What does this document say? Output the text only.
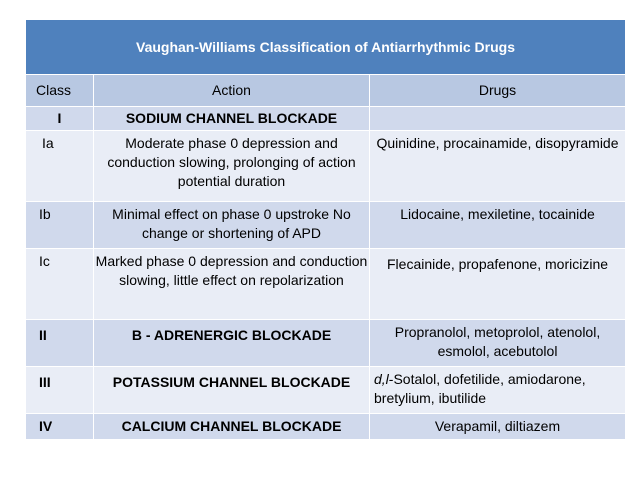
Vaughan-Williams Classification of Antiarrhythmic Drugs		
Class	Action	Drugs
I	SODIUM CHANNEL BLOCKADE	
Ia	Moderate phase 0 depression and conduction slowing, prolonging of action potential duration	Quinidine, procainamide, disopyramide
Ib	Minimal effect on phase 0 upstroke No change or shortening of APD	Lidocaine, mexiletine, tocainide
Ic	Marked phase 0 depression and conduction slowing, little effect on repolarization	Flecainide, propafenone, moricizine
II	B - ADRENERGIC BLOCKADE	Propranolol, metoprolol, atenolol, esmolol, acebutolol
III	POTASSIUM CHANNEL BLOCKADE	d,l-Sotalol, dofetilide, amiodarone, bretylium, ibutilide
IV	CALCIUM CHANNEL BLOCKADE	Verapamil, diltiazem
